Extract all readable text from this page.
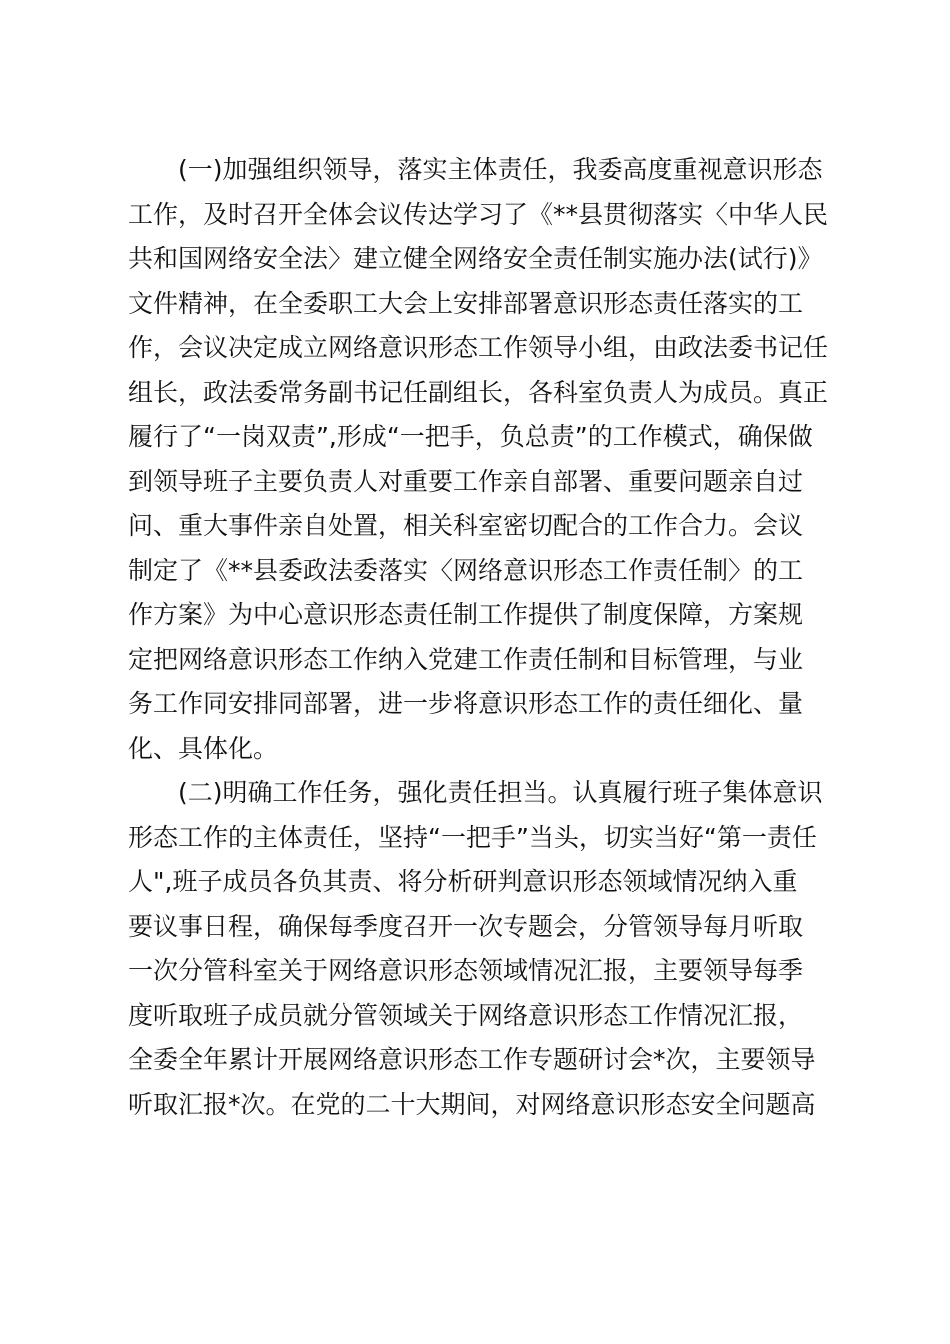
(一)加强组织领导，落实主体责任，我委高度重视意识形态
工作，及时召开全体会议传达学习了《**县贯彻落实〈中华人民
共和国网络安全法〉建立健全网络安全责任制实施办法(试行)》
文件精神，在全委职工大会上安排部署意识形态责任落实的工
作，会议决定成立网络意识形态工作领导小组，由政法委书记任
组长，政法委常务副书记任副组长，各科室负责人为成员。真正
履行了“一岗双责”,形成“一把手，负总责”的工作模式，确保做
到领导班子主要负责人对重要工作亲自部署、重要问题亲自过
问、重大事件亲自处置，相关科室密切配合的工作合力。会议
制定了《**县委政法委落实〈网络意识形态工作责任制〉的工
作方案》为中心意识形态责任制工作提供了制度保障，方案规
定把网络意识形态工作纳入党建工作责任制和目标管理，与业
务工作同安排同部署，进一步将意识形态工作的责任细化、量
化、具体化。
(二)明确工作任务，强化责任担当。认真履行班子集体意识
形态工作的主体责任，坚持“一把手”当头，切实当好“第一责任
人",班子成员各负其责、将分析研判意识形态领域情况纳入重
要议事日程，确保每季度召开一次专题会，分管领导每月听取
一次分管科室关于网络意识形态领域情况汇报，主要领导每季
度听取班子成员就分管领域关于网络意识形态工作情况汇报，
全委全年累计开展网络意识形态工作专题研讨会*次，主要领导
听取汇报*次。在党的二十大期间，对网络意识形态安全问题高
